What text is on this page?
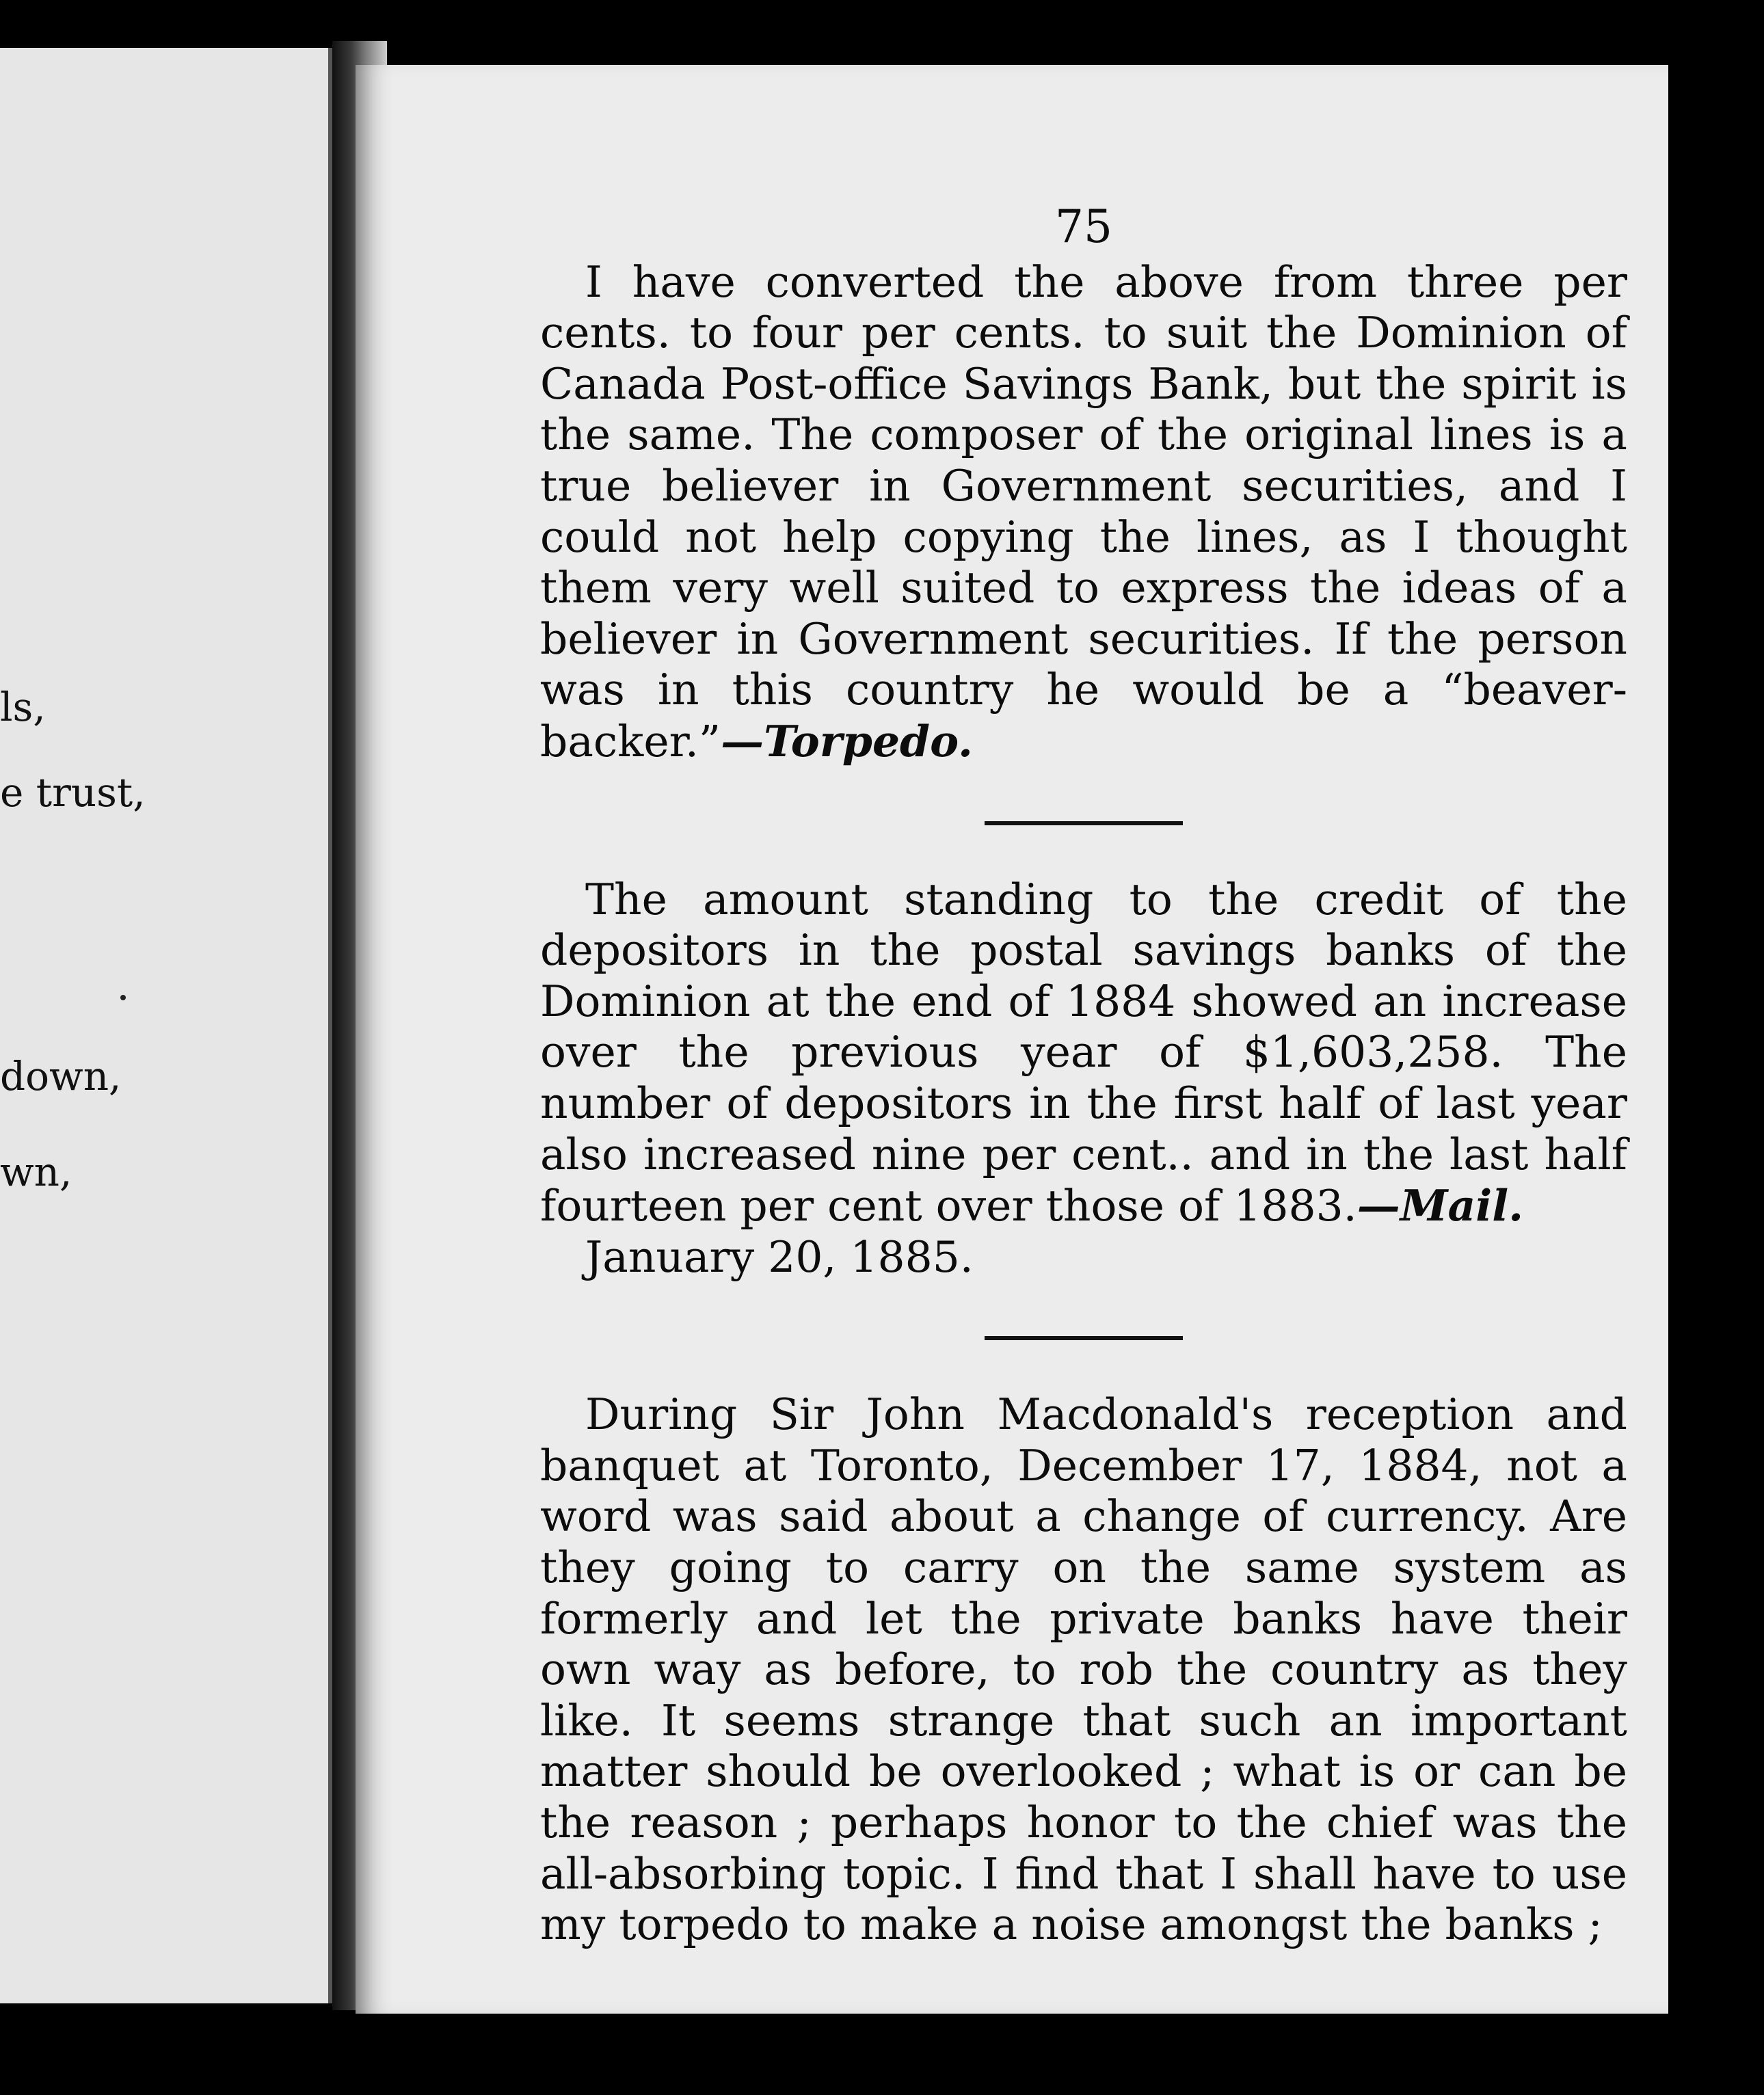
ls,
e trust,
down,
wn,
75

I have converted the above from three per cents. to four per cents. to suit the Dominion of Canada Post-office Savings Bank, but the spirit is the same. The composer of the original lines is a true believer in Government securities, and I could not help copying the lines, as I thought them very well suited to express the ideas of a believer in Government securities. If the person was in this country he would be a “beaver-backer.”—Torpedo.

The amount standing to the credit of the depositors in the postal savings banks of the Dominion at the end of 1884 showed an increase over the previous year of $1,603,258. The number of depositors in the first half of last year also increased nine per cent.. and in the last half fourteen per cent over those of 1883.—Mail.

January 20, 1885.

During Sir John Macdonald's reception and banquet at Toronto, December 17, 1884, not a word was said about a change of currency. Are they going to carry on the same system as formerly and let the private banks have their own way as before, to rob the country as they like. It seems strange that such an important matter should be overlooked ; what is or can be the reason ; perhaps honor to the chief was the all-absorbing topic. I find that I shall have to use my torpedo to make a noise amongst the banks ;
